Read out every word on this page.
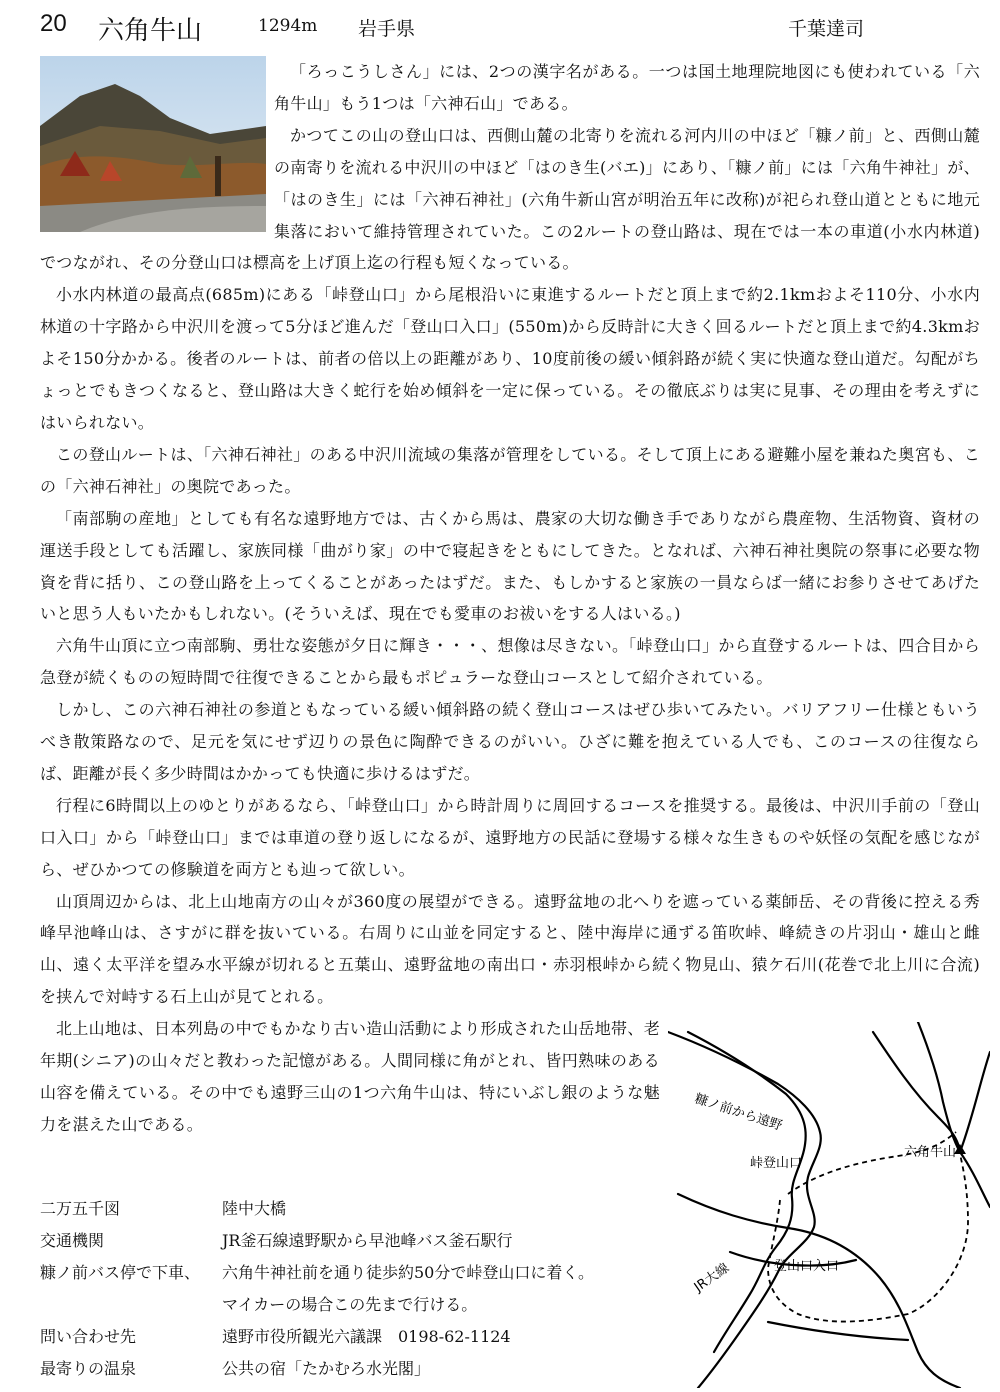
20 六角牛山	1294m 岩手県	千葉達司

「ろっこうしさん」には、2つの漢字名がある。一つは国土地理院地図にも使われている「六角牛山」もう1つは「六神石山」である。

かつてこの山の登山口は、西側山麓の北寄りを流れる河内川の中ほど「糠ノ前」と、西側山麓の南寄りを流れる中沢川の中ほど「はのき生(バエ)」にあり、「糠ノ前」には「六角牛神社」が、「はのき生」には「六神石神社」(六角牛新山宮が明治五年に改称)が祀られ登山道とともに地元集落において維持管理されていた。この2ルートの登山路は、現在では一本の車道(小水内林道)でつながれ、その分登山口は標高を上げ頂上迄の行程も短くなっている。

小水内林道の最高点(685m)にある「峠登山口」から尾根沿いに東進するルートだと頂上まで約2.1kmおよそ110分、小水内林道の十字路から中沢川を渡って5分ほど進んだ「登山口入口」(550m)から反時計に大きく回るルートだと頂上まで約4.3kmおよそ150分かかる。後者のルートは、前者の倍以上の距離があり、10度前後の緩い傾斜路が続く実に快適な登山道だ。勾配がちょっとでもきつくなると、登山路は大きく蛇行を始め傾斜を一定に保っている。その徹底ぶりは実に見事、その理由を考えずにはいられない。

この登山ルートは、「六神石神社」のある中沢川流域の集落が管理をしている。そして頂上にある避難小屋を兼ねた奥宮も、この「六神石神社」の奥院であった。

「南部駒の産地」としても有名な遠野地方では、古くから馬は、農家の大切な働き手でありながら農産物、生活物資、資材の運送手段としても活躍し、家族同様「曲がり家」の中で寝起きをともにしてきた。となれば、六神石神社奥院の祭事に必要な物資を背に括り、この登山路を上ってくることがあったはずだ。また、もしかすると家族の一員ならば一緒にお参りさせてあげたいと思う人もいたかもしれない。(そういえば、現在でも愛車のお祓いをする人はいる。)

六角牛山頂に立つ南部駒、勇壮な姿態が夕日に輝き・・・、想像は尽きない。「峠登山口」から直登するルートは、四合目から急登が続くものの短時間で往復できることから最もポピュラーな登山コースとして紹介されている。

しかし、この六神石神社の参道ともなっている緩い傾斜路の続く登山コースはぜひ歩いてみたい。バリアフリー仕様ともいうべき散策路なので、足元を気にせず辺りの景色に陶酔できるのがいい。ひざに難を抱えている人でも、このコースの往復ならば、距離が長く多少時間はかかっても快適に歩けるはずだ。

行程に6時間以上のゆとりがあるなら、「峠登山口」から時計周りに周回するコースを推奨する。最後は、中沢川手前の「登山口入口」から「峠登山口」までは車道の登り返しになるが、遠野地方の民話に登場する様々な生きものや妖怪の気配を感じながら、ぜひかつての修験道を両方とも辿って欲しい。

山頂周辺からは、北上山地南方の山々が360度の展望ができる。遠野盆地の北へりを遮っている薬師岳、その背後に控える秀峰早池峰山は、さすがに群を抜いている。右周りに山並を同定すると、陸中海岸に通ずる笛吹峠、峰続きの片羽山・雄山と雌山、遠く太平洋を望み水平線が切れると五葉山、遠野盆地の南出口・赤羽根峠から続く物見山、猿ケ石川(花巻で北上川に合流)を挟んで対峙する石上山が見てとれる。

北上山地は、日本列島の中でもかなり古い造山活動により形成された山岳地帯、老年期(シニア)の山々だと教わった記憶がある。人間同様に角がとれ、皆円熟味のある山容を備えている。その中でも遠野三山の1つ六角牛山は、特にいぶし銀のような魅力を湛えた山である。

二万五千図	陸中大橋
交通機関	JR釜石線遠野駅から早池峰バス釜石駅行
糠ノ前バス停で下車、	六角牛神社前を通り徒歩約50分で峠登山口に着く。
マイカーの場合この先まで行ける。
問い合わせ先	遠野市役所観光六議課　0198-62-1124
最寄りの温泉	公共の宿「たかむろ水光閣」
糠ノ前から遠野
峠登山口
六角牛山
登山口入口
JR大線
